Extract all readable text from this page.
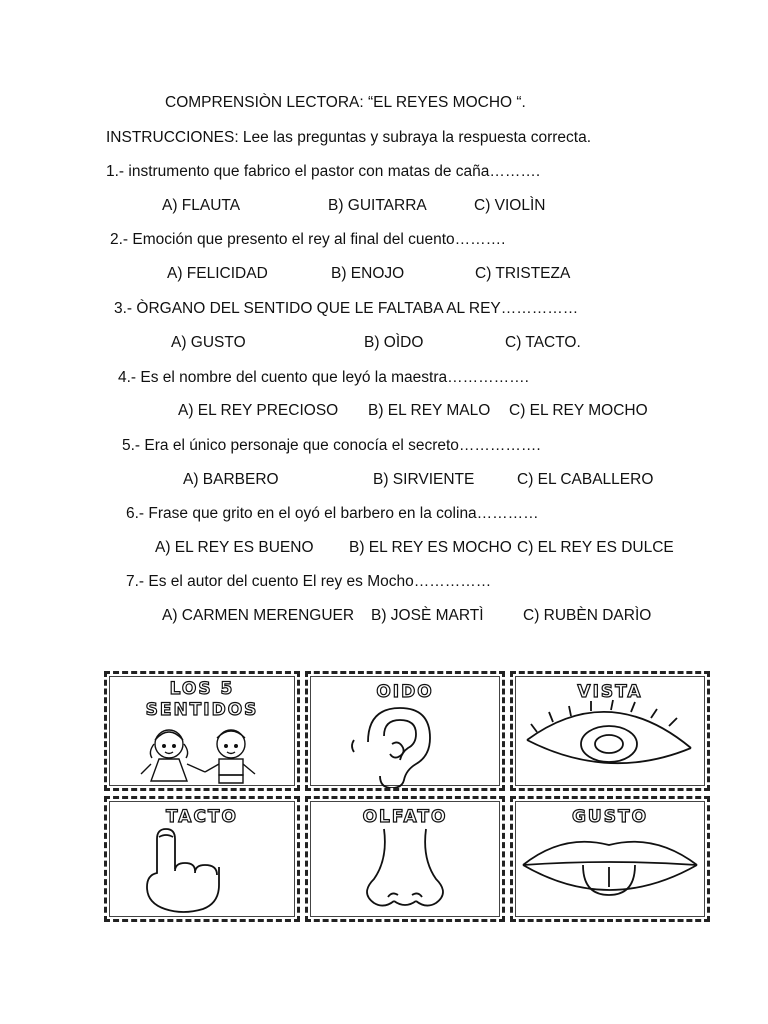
COMPRENSIÒN LECTORA: “EL REYES MOCHO “.
INSTRUCCIONES: Lee las preguntas y subraya la respuesta correcta.
1.- instrumento que fabrico el pastor con matas de caña……….
A) FLAUTA	B) GUITARRA	C) VIOLÌN
2.- Emoción que presento el rey al final del cuento……….
A) FELICIDAD	B) ENOJO	C) TRISTEZA
3.- ÒRGANO DEL SENTIDO QUE LE FALTABA AL REY……………
A) GUSTO	B) OÌDO	C) TACTO.
4.- Es el nombre del cuento que leyó la maestra…………….
A) EL REY PRECIOSO B) EL REY MALO C) EL REY MOCHO
5.- Era el único personaje que conocía el secreto…………….
A) BARBERO	B) SIRVIENTE	C) EL CABALLERO
6.- Frase que grito en el oyó el barbero en la colina…………
A) EL REY ES BUENO B) EL REY ES MOCHO C) EL REY ES DULCE
7.- Es el autor del cuento El rey es Mocho……………
A) CARMEN MERENGUER B) JOSÈ MARTÌ	C) RUBÈN DARÌO
LOS 5
SENTIDOS
OIDO	VISTA
TACTO	OLFATO	GUSTO
